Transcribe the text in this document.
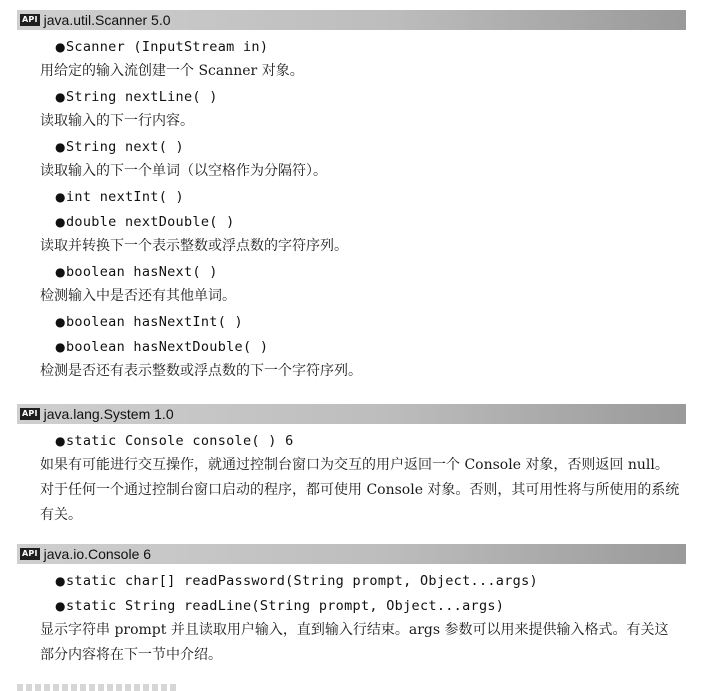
API java.util.Scanner 5.0
● Scanner (InputStream in)
用给定的输入流创建一个 Scanner 对象。
● String nextLine( )
读取输入的下一行内容。
● String next( )
读取输入的下一个单词（以空格作为分隔符）。
● int nextInt( )
● double nextDouble( )
读取并转换下一个表示整数或浮点数的字符序列。
● boolean hasNext( )
检测输入中是否还有其他单词。
● boolean hasNextInt( )
● boolean hasNextDouble( )
检测是否还有表示整数或浮点数的下一个字符序列。
API java.lang.System 1.0
● static Console console( ) 6
如果有可能进行交互操作，就通过控制台窗口为交互的用户返回一个 Console 对象，否则返回 null。对于任何一个通过控制台窗口启动的程序，都可使用 Console 对象。否则，其可用性将与所使用的系统有关。
API java.io.Console 6
● static char[] readPassword(String prompt, Object...args)
● static String readLine(String prompt, Object...args)
显示字符串 prompt 并且读取用户输入，直到输入行结束。args 参数可以用来提供输入格式。有关这部分内容将在下一节中介绍。
